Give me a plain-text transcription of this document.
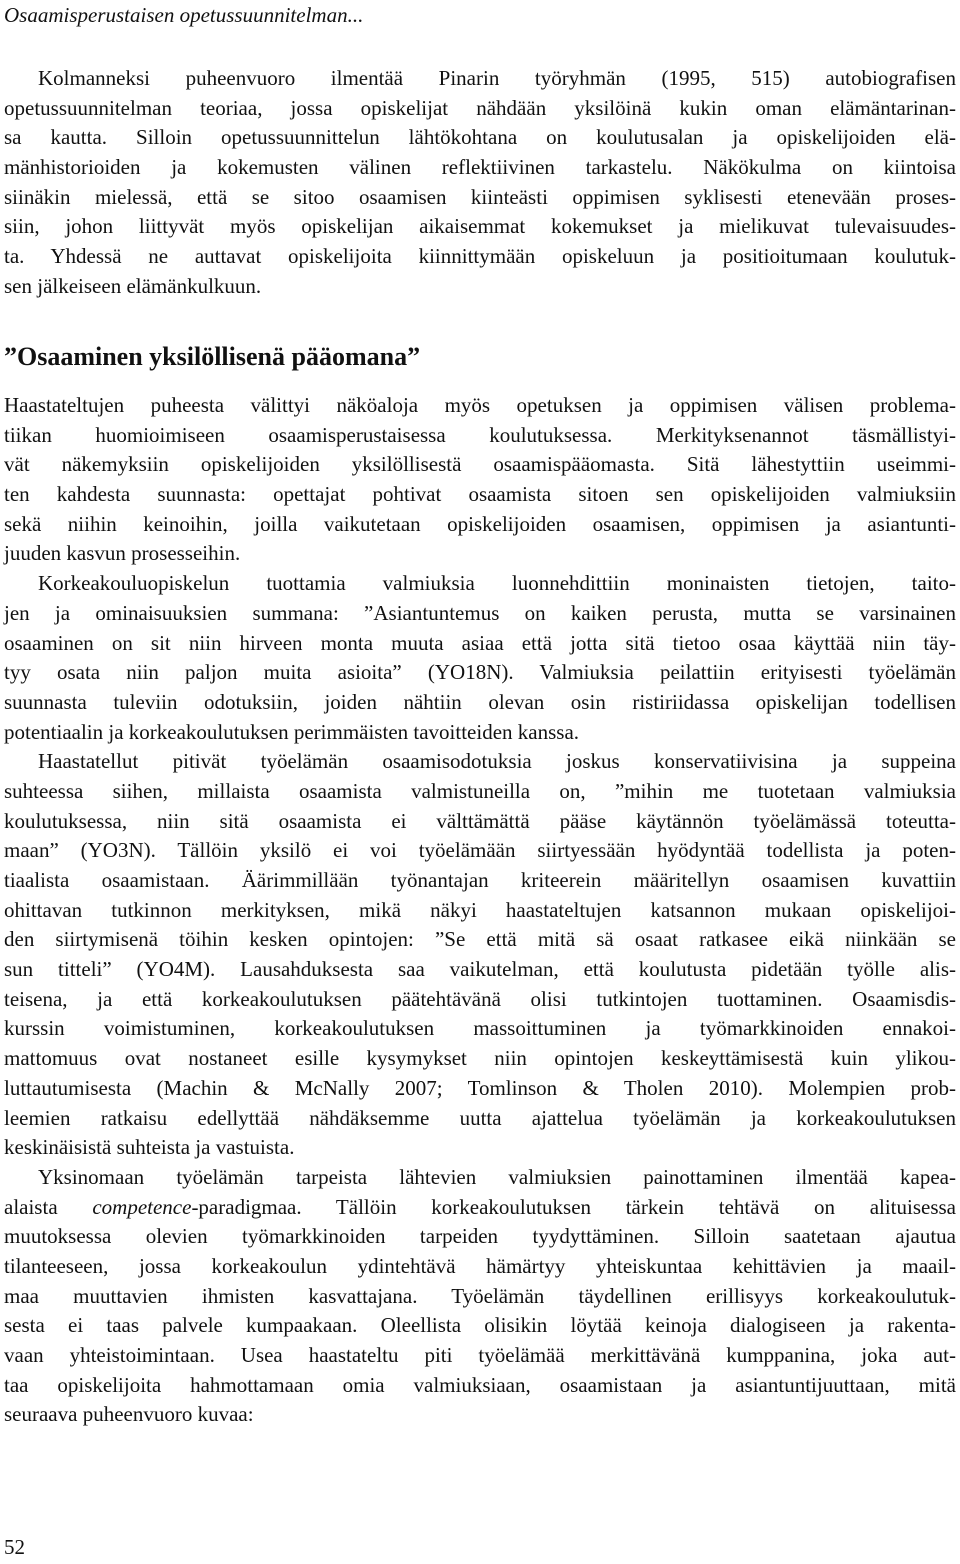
Osaamisperustaisen opetussuunnitelman...
Kolmanneksi puheenvuoro ilmentää Pinarin työryhmän (1995, 515) autobiografisen
opetussuunnitelman teoriaa, jossa opiskelijat nähdään yksilöinä kukin oman elämäntarinan-
sa kautta. Silloin opetussuunnittelun lähtökohtana on koulutusalan ja opiskelijoiden elä-
mänhistorioiden ja kokemusten välinen reflektiivinen tarkastelu. Näkökulma on kiintoisa
siinäkin mielessä, että se sitoo osaamisen kiinteästi oppimisen syklisesti etenevään proses-
siin, johon liittyvät myös opiskelijan aikaisemmat kokemukset ja mielikuvat tulevaisuudes-
ta. Yhdessä ne auttavat opiskelijoita kiinnittymään opiskeluun ja positioitumaan koulutuk-
sen jälkeiseen elämänkulkuun.
”Osaaminen yksilöllisenä pääomana”
Haastateltujen puheesta välittyi näköaloja myös opetuksen ja oppimisen välisen problema-
tiikan huomioimiseen osaamisperustaisessa koulutuksessa. Merkityksenannot täsmällistyi-
vät näkemyksiin opiskelijoiden yksilöllisestä osaamispääomasta. Sitä lähestyttiin useimmi-
ten kahdesta suunnasta: opettajat pohtivat osaamista sitoen sen opiskelijoiden valmiuksiin
sekä niihin keinoihin, joilla vaikutetaan opiskelijoiden osaamisen, oppimisen ja asiantunti-
juuden kasvun prosesseihin.
Korkeakouluopiskelun tuottamia valmiuksia luonnehdittiin moninaisten tietojen, taito-
jen ja ominaisuuksien summana: ”Asiantuntemus on kaiken perusta, mutta se varsinainen
osaaminen on sit niin hirveen monta muuta asiaa että jotta sitä tietoo osaa käyttää niin täy-
tyy osata niin paljon muita asioita” (YO18N). Valmiuksia peilattiin erityisesti työelämän
suunnasta tuleviin odotuksiin, joiden nähtiin olevan osin ristiriidassa opiskelijan todellisen
potentiaalin ja korkeakoulutuksen perimmäisten tavoitteiden kanssa.
Haastatellut pitivät työelämän osaamisodotuksia joskus konservatiivisina ja suppeina
suhteessa siihen, millaista osaamista valmistuneilla on, ”mihin me tuotetaan valmiuksia
koulutuksessa, niin sitä osaamista ei välttämättä pääse käytännön työelämässä toteutta-
maan” (YO3N). Tällöin yksilö ei voi työelämään siirtyessään hyödyntää todellista ja poten-
tiaalista osaamistaan. Äärimmillään työnantajan kriteerein määritellyn osaamisen kuvattiin
ohittavan tutkinnon merkityksen, mikä näkyi haastateltujen katsannon mukaan opiskelijoi-
den siirtymisenä töihin kesken opintojen: ”Se että mitä sä osaat ratkasee eikä niinkään se
sun titteli” (YO4M). Lausahduksesta saa vaikutelman, että koulutusta pidetään työlle alis-
teisena, ja että korkeakoulutuksen päätehtävänä olisi tutkintojen tuottaminen. Osaamisdis-
kurssin voimistuminen, korkeakoulutuksen massoittuminen ja työmarkkinoiden ennakoi-
mattomuus ovat nostaneet esille kysymykset niin opintojen keskeyttämisestä kuin ylikou-
luttautumisesta (Machin & McNally 2007; Tomlinson & Tholen 2010). Molempien prob-
leemien ratkaisu edellyttää nähdäksemme uutta ajattelua työelämän ja korkeakoulutuksen
keskinäisistä suhteista ja vastuista.
Yksinomaan työelämän tarpeista lähtevien valmiuksien painottaminen ilmentää kapea-
alaista competence-paradigmaa. Tällöin korkeakoulutuksen tärkein tehtävä on alituisessa
muutoksessa olevien työmarkkinoiden tarpeiden tyydyttäminen. Silloin saatetaan ajautua
tilanteeseen, jossa korkeakoulun ydintehtävä hämärtyy yhteiskuntaa kehittävien ja maail-
maa muuttavien ihmisten kasvattajana. Työelämän täydellinen erillisyys korkeakoulutuk-
sesta ei taas palvele kumpaakaan. Oleellista olisikin löytää keinoja dialogiseen ja rakenta-
vaan yhteistoimintaan. Usea haastateltu piti työelämää merkittävänä kumppanina, joka aut-
taa opiskelijoita hahmottamaan omia valmiuksiaan, osaamistaan ja asiantuntijuuttaan, mitä
seuraava puheenvuoro kuvaa:
52
